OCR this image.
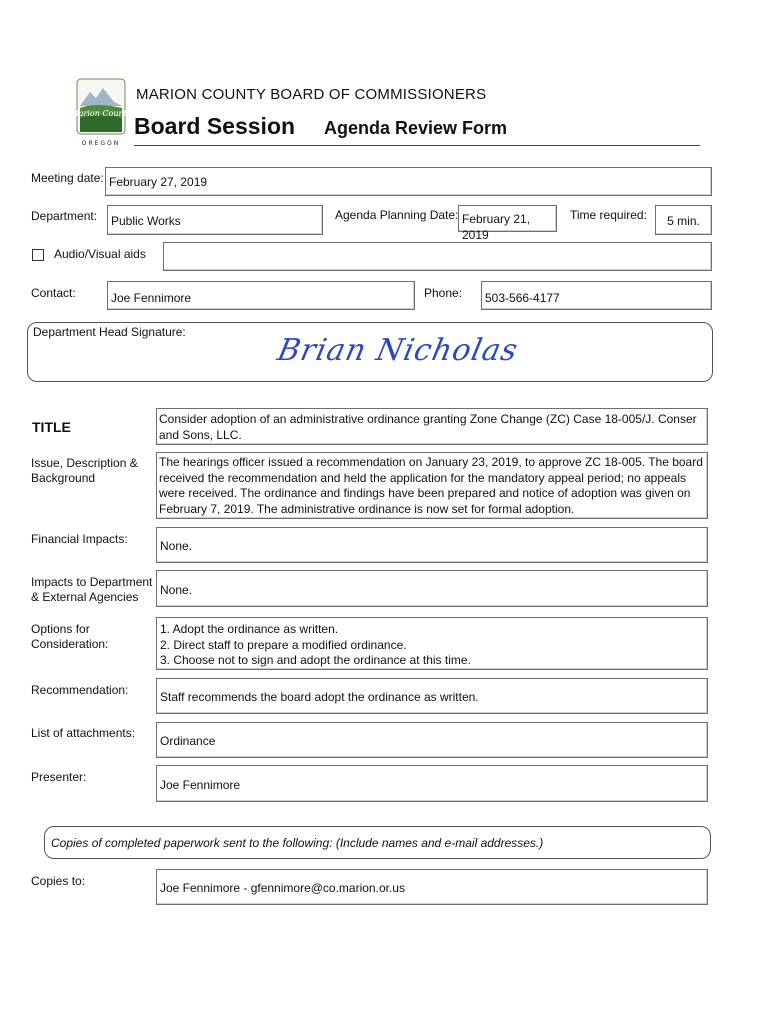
Marion County
OREGON
MARION COUNTY BOARD OF COMMISSIONERS
Board Session Agenda Review Form
Meeting date: February 27, 2019
Department: Public Works	Agenda Planning Date: February 21, 2019
Time required:	5 min.
Audio/Visual aids
Contact:	Joe Fennimore	Phone: 503-566-4177
Department Head Signature:
Brian Nicholas
TITLE	Consider adoption of an administrative ordinance granting Zone Change (ZC) Case 18-005/J. Conser and Sons, LLC.
Issue, Description &
Background
The hearings officer issued a recommendation on January 23, 2019, to approve ZC 18-005. The board received the recommendation and held the application for the mandatory appeal period; no appeals were received. The ordinance and findings have been prepared and notice of adoption was given on February 7, 2019. The administrative ordinance is now set for formal adoption.
Financial Impacts:	None.
Impacts to Department
& External Agencies None.
Options for
Consideration:
1. Adopt the ordinance as written.
2. Direct staff to prepare a modified ordinance.
3. Choose not to sign and adopt the ordinance at this time.
Recommendation:	Staff recommends the board adopt the ordinance as written.
List of attachments:
Ordinance
Presenter:
Joe Fennimore
Copies of completed paperwork sent to the following: (Include names and e-mail addresses.)
Copies to:	Joe Fennimore - gfennimore@co.marion.or.us
